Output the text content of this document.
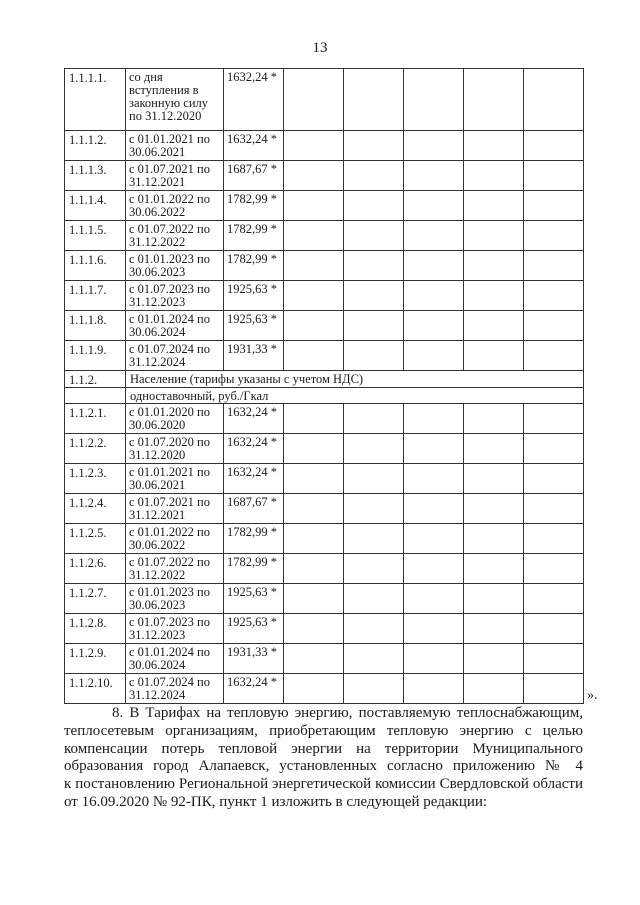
13
1.1.1.1.	со дня вступления в законную силу по 31.12.2020	1632,24 *					
1.1.1.2.	с 01.01.2021 по 30.06.2021	1632,24 *					
1.1.1.3.	с 01.07.2021 по 31.12.2021	1687,67 *					
1.1.1.4.	с 01.01.2022 по 30.06.2022	1782,99 *					
1.1.1.5.	с 01.07.2022 по 31.12.2022	1782,99 *					
1.1.1.6.	с 01.01.2023 по 30.06.2023	1782,99 *					
1.1.1.7.	с 01.07.2023 по 31.12.2023	1925,63 *					
1.1.1.8.	с 01.01.2024 по 30.06.2024	1925,63 *					
1.1.1.9.	с 01.07.2024 по 31.12.2024	1931,33 *					
1.1.2.	Население (тарифы указаны с учетом НДС)						
	одноставочный, руб./Гкал						
1.1.2.1.	с 01.01.2020 по 30.06.2020	1632,24 *					
1.1.2.2.	с 01.07.2020 по 31.12.2020	1632,24 *					
1.1.2.3.	с 01.01.2021 по 30.06.2021	1632,24 *					
1.1.2.4.	с 01.07.2021 по 31.12.2021	1687,67 *					
1.1.2.5.	с 01.01.2022 по 30.06.2022	1782,99 *					
1.1.2.6.	с 01.07.2022 по 31.12.2022	1782,99 *					
1.1.2.7.	с 01.01.2023 по 30.06.2023	1925,63 *					
1.1.2.8.	с 01.07.2023 по 31.12.2023	1925,63 *					
1.1.2.9.	с 01.01.2024 по 30.06.2024	1931,33 *					
1.1.2.10.	с 01.07.2024 по 31.12.2024	1632,24 *					
».
8. В Тарифах на тепловую энергию, поставляемую теплоснабжающим,
теплосетевым организациям, приобретающим тепловую энергию с целью
компенсации потерь тепловой энергии на территории Муниципального
образования город Алапаевск, установленных согласно приложению № 4
к постановлению Региональной энергетической комиссии Свердловской области
от 16.09.2020 № 92-ПК, пункт 1 изложить в следующей редакции:
